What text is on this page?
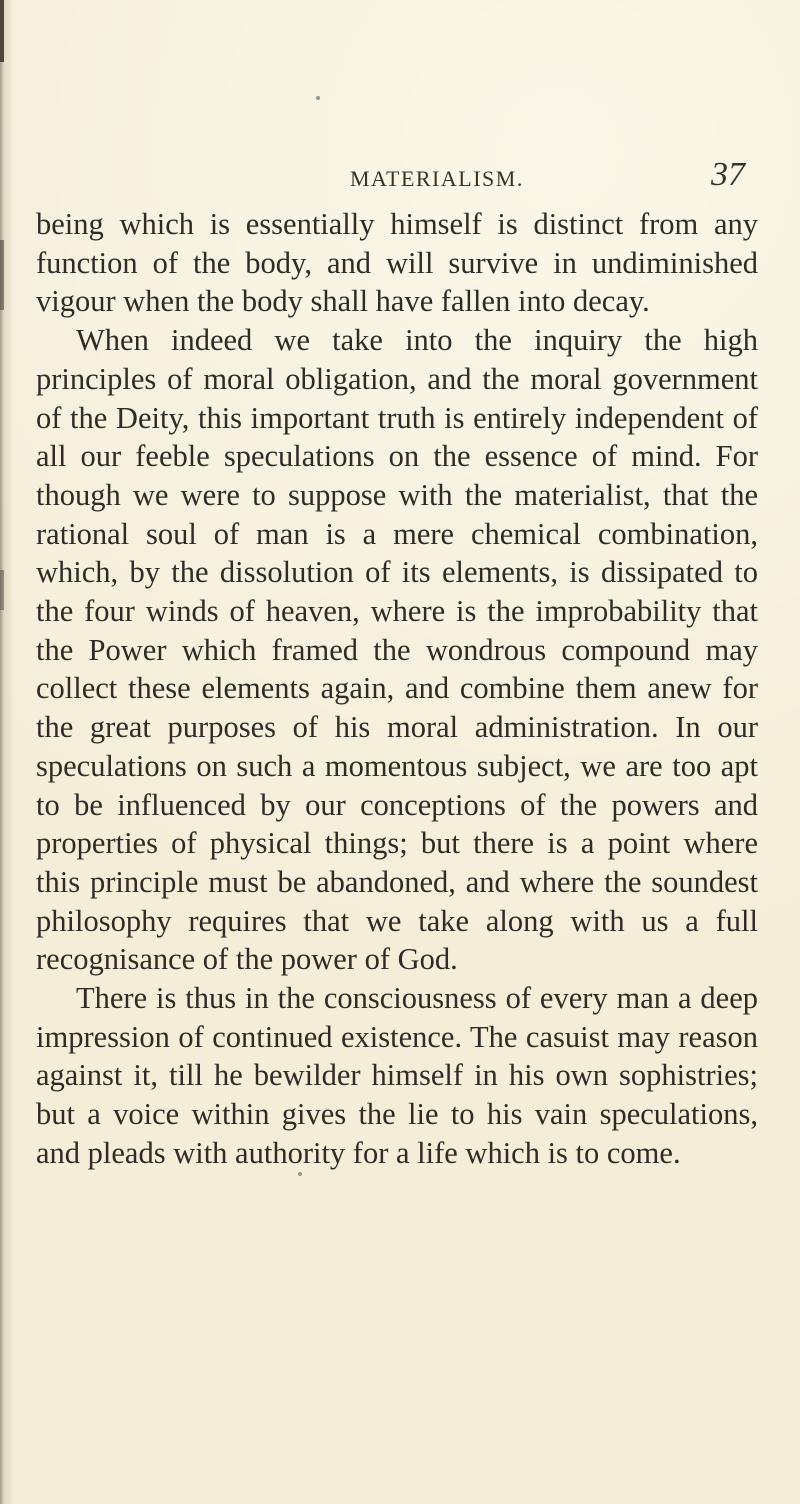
MATERIALISM.	37

being which is essentially himself is distinct from any function of the body, and will survive in undiminished vigour when the body shall have fallen into decay.

When indeed we take into the inquiry the high principles of moral obligation, and the moral government of the Deity, this important truth is entirely independent of all our feeble speculations on the essence of mind. For though we were to suppose with the materialist, that the rational soul of man is a mere chemical combination, which, by the dissolution of its elements, is dissipated to the four winds of heaven, where is the improbability that the Power which framed the wondrous compound may collect these elements again, and combine them anew for the great purposes of his moral administration. In our speculations on such a momentous subject, we are too apt to be influenced by our conceptions of the powers and properties of physical things; but there is a point where this principle must be abandoned, and where the soundest philosophy requires that we take along with us a full recognisance of the power of God.

There is thus in the consciousness of every man a deep impression of continued existence. The casuist may reason against it, till he bewilder himself in his own sophistries; but a voice within gives the lie to his vain speculations, and pleads with authority for a life which is to come.
